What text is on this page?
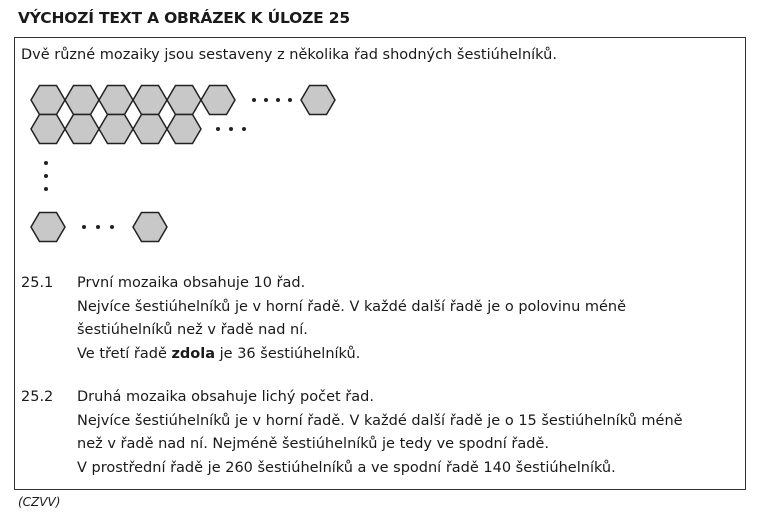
VÝCHOZÍ TEXT A OBRÁZEK K ÚLOZE 25
Dvě různé mozaiky jsou sestaveny z několika řad shodných šestiúhelníků.
25.1	První mozaika obsahuje 10 řad.
Nejvíce šestiúhelníků je v horní řadě. V každé další řadě je o polovinu méně
šestiúhelníků než v řadě nad ní.
Ve třetí řadě zdola je 36 šestiúhelníků.
25.2	Druhá mozaika obsahuje lichý počet řad.
Nejvíce šestiúhelníků je v horní řadě. V každé další řadě je o 15 šestiúhelníků méně
než v řadě nad ní. Nejméně šestiúhelníků je tedy ve spodní řadě.
V prostřední řadě je 260 šestiúhelníků a ve spodní řadě 140 šestiúhelníků.
(CZVV)
